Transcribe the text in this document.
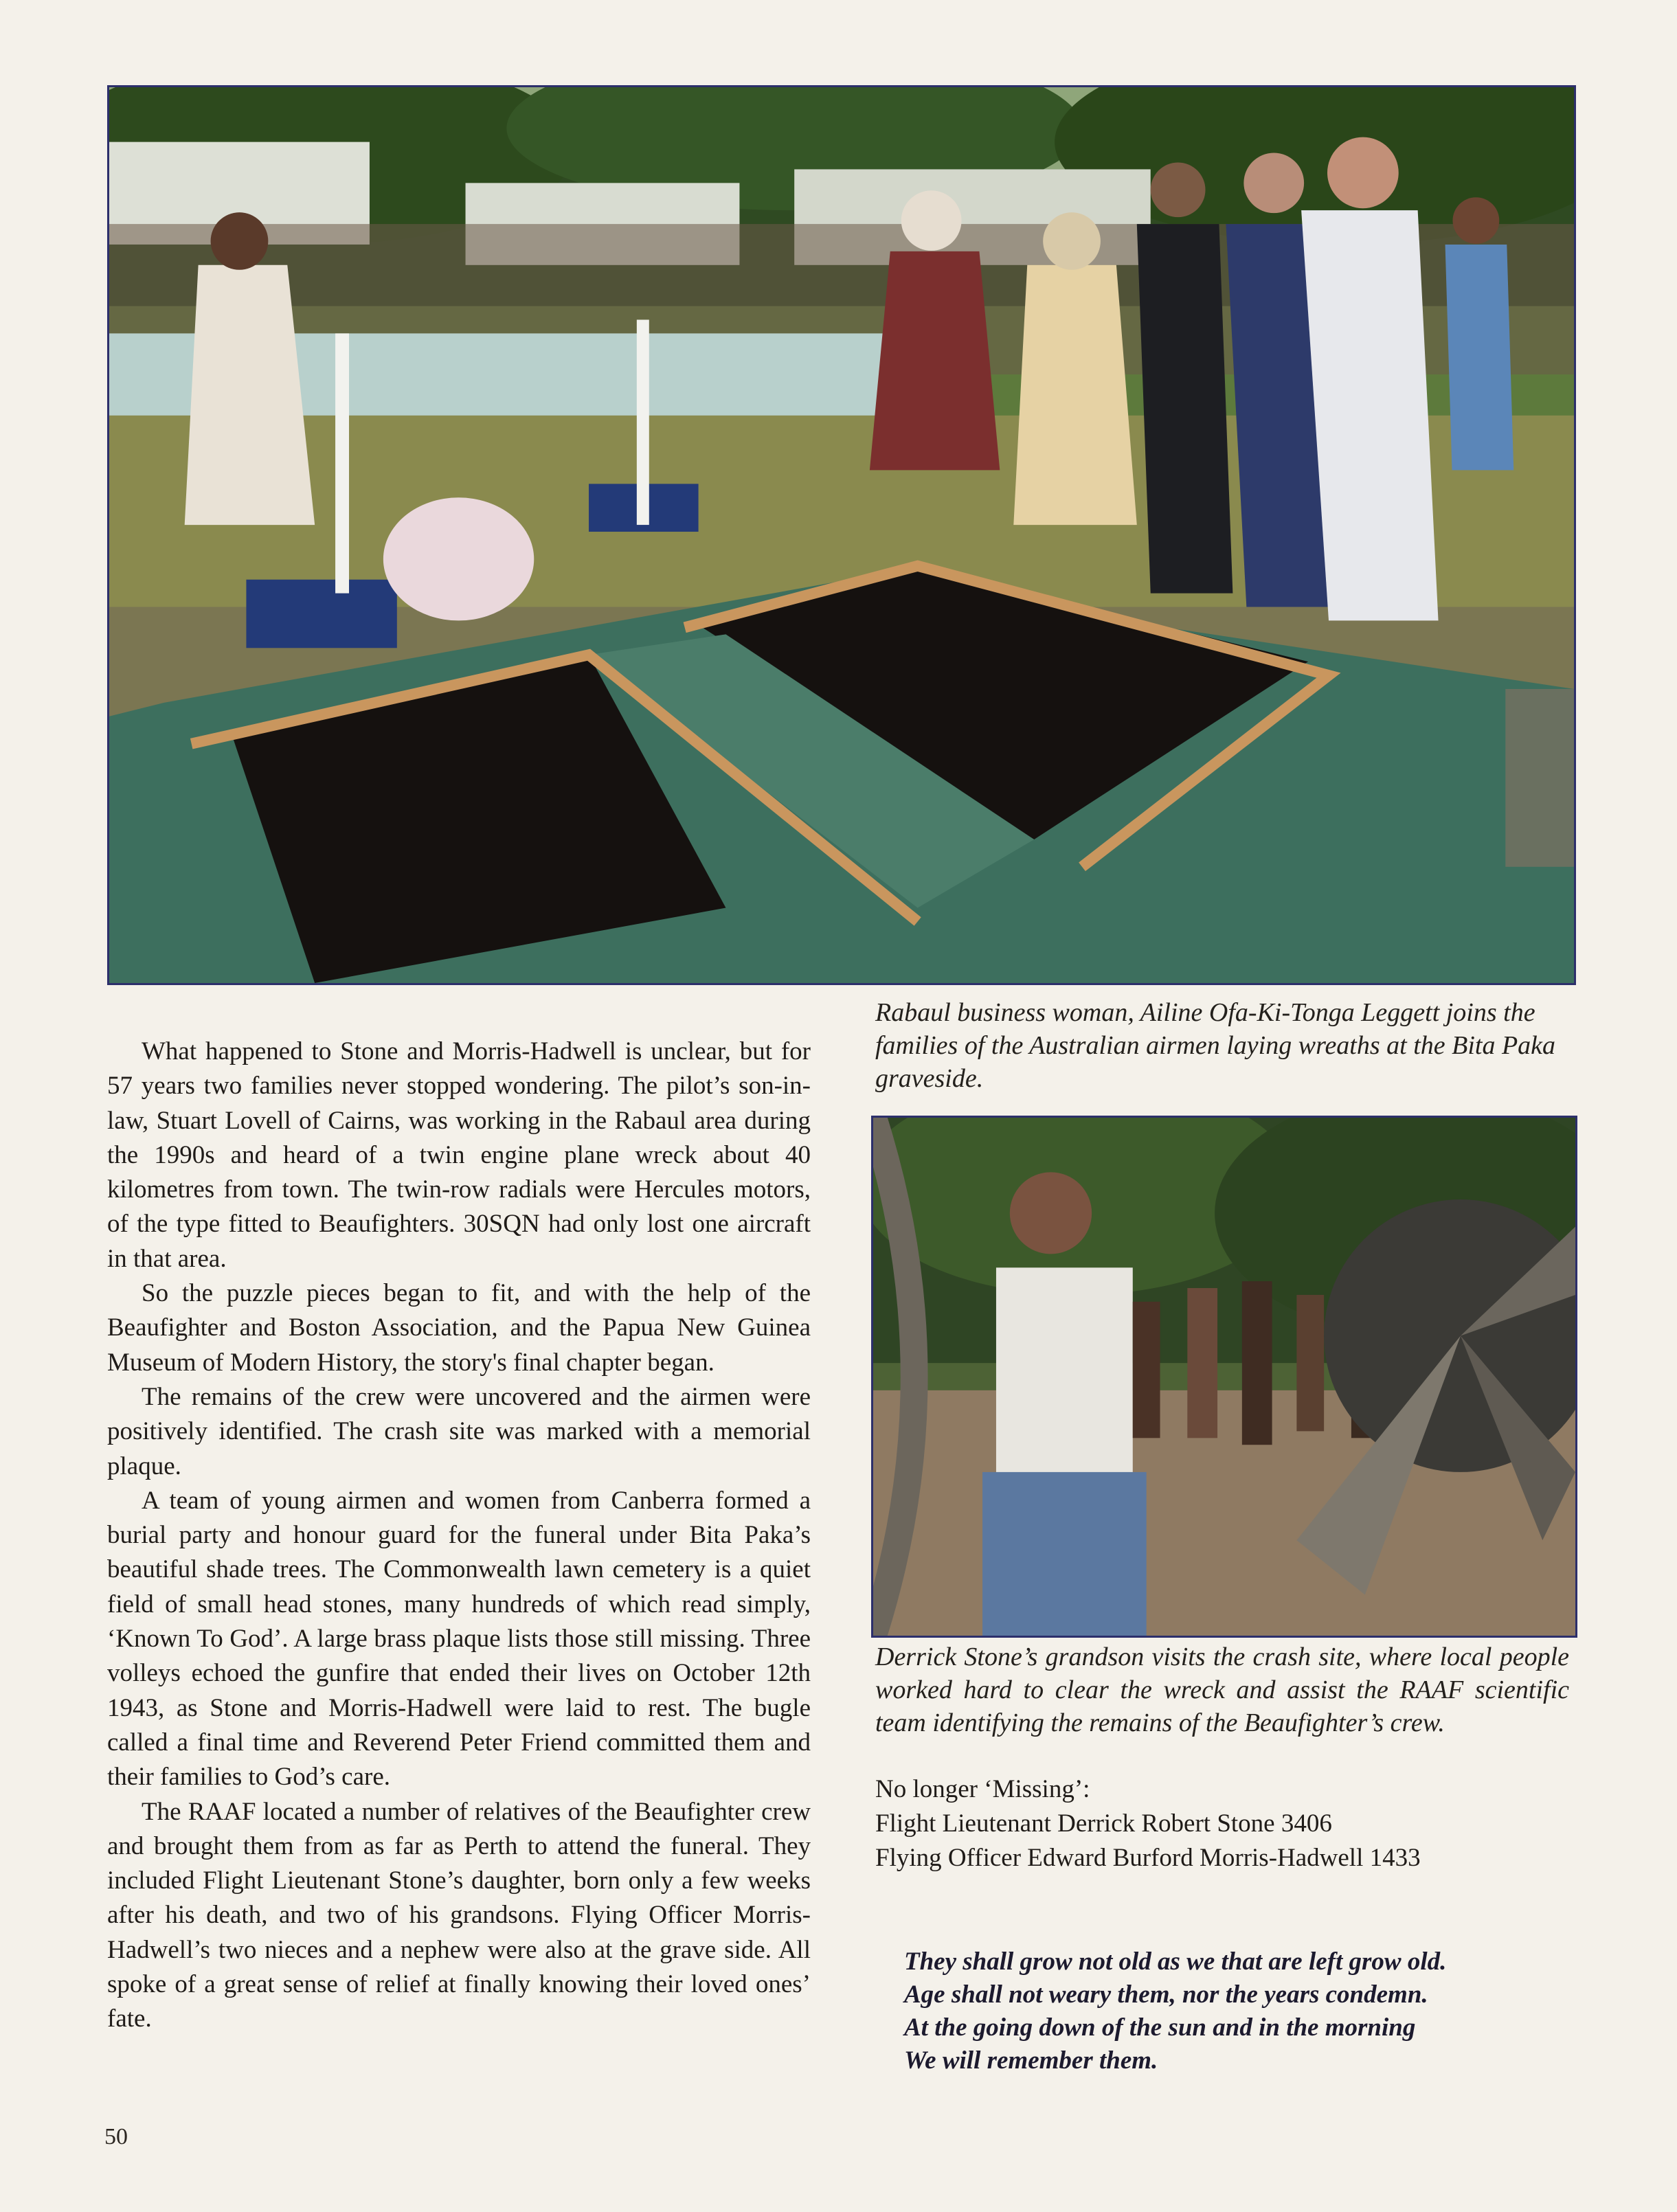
Rabaul business woman, Ailine Ofa-Ki-Tonga Leggett joins the families of the Australian airmen laying wreaths at the Bita Paka graveside.
Derrick Stone’s grandson visits the crash site, where local people worked hard to clear the wreck and assist the RAAF scientific team identifying the remains of the Beaufighter’s crew.

What happened to Stone and Morris-Hadwell is unclear, but for 57 years two families never stopped wondering. The pilot’s son-in-law, Stuart Lovell of Cairns, was working in the Rabaul area during the 1990s and heard of a twin engine plane wreck about 40 kilometres from town. The twin-row radials were Hercules motors, of the type fitted to Beaufighters. 30SQN had only lost one aircraft in that area.

So the puzzle pieces began to fit, and with the help of the Beaufighter and Boston Association, and the Papua New Guinea Museum of Modern History, the story's final chapter began.

The remains of the crew were uncovered and the airmen were positively identified. The crash site was marked with a memorial plaque.

A team of young airmen and women from Canberra formed a burial party and honour guard for the funeral under Bita Paka’s beautiful shade trees. The Commonwealth lawn cemetery is a quiet field of small head stones, many hundreds of which read simply, ‘Known To God’. A large brass plaque lists those still missing. Three volleys echoed the gunfire that ended their lives on October 12th 1943, as Stone and Morris-Hadwell were laid to rest. The bugle called a final time and Reverend Peter Friend committed them and their families to God’s care.

The RAAF located a number of relatives of the Beaufighter crew and brought them from as far as Perth to attend the funeral. They included Flight Lieutenant Stone’s daughter, born only a few weeks after his death, and two of his grandsons. Flying Officer Morris-Hadwell’s two nieces and a nephew were also at the grave side. All spoke of a great sense of relief at finally knowing their loved ones’ fate.

No longer ‘Missing’:
Flight Lieutenant Derrick Robert Stone 3406
Flying Officer Edward Burford Morris-Hadwell 1433
They shall grow not old as we that are left grow old.
Age shall not weary them, nor the years condemn.
At the going down of the sun and in the morning
We will remember them.
50
